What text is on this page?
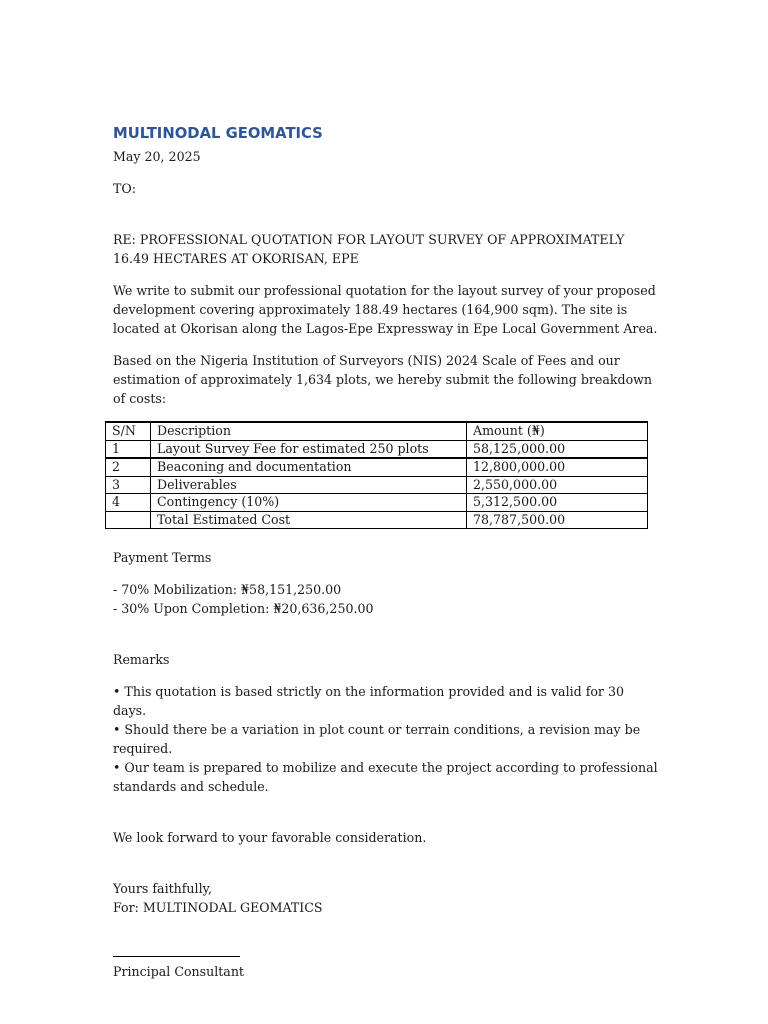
MULTINODAL GEOMATICS

May 20, 2025

TO:

RE: PROFESSIONAL QUOTATION FOR LAYOUT SURVEY OF APPROXIMATELY 16.49 HECTARES AT OKORISAN, EPE

We write to submit our professional quotation for the layout survey of your proposed development covering approximately 188.49 hectares (164,900 sqm). The site is located at Okorisan along the Lagos-Epe Expressway in Epe Local Government Area.

Based on the Nigeria Institution of Surveyors (NIS) 2024 Scale of Fees and our estimation of approximately 1,634 plots, we hereby submit the following breakdown of costs:

S/N	Description	Amount (₦)
1	Layout Survey Fee for estimated 250 plots	58,125,000.00
2	Beaconing and documentation	12,800,000.00
3	Deliverables	2,550,000.00
4	Contingency (10%)	5,312,500.00
	Total Estimated Cost	78,787,500.00

Payment Terms

- 70% Mobilization: ₦58,151,250.00

- 30% Upon Completion: ₦20,636,250.00

Remarks

• This quotation is based strictly on the information provided and is valid for 30 days.

• Should there be a variation in plot count or terrain conditions, a revision may be required.

• Our team is prepared to mobilize and execute the project according to professional standards and schedule.

We look forward to your favorable consideration.

Yours faithfully,

For: MULTINODAL GEOMATICS

Principal Consultant
